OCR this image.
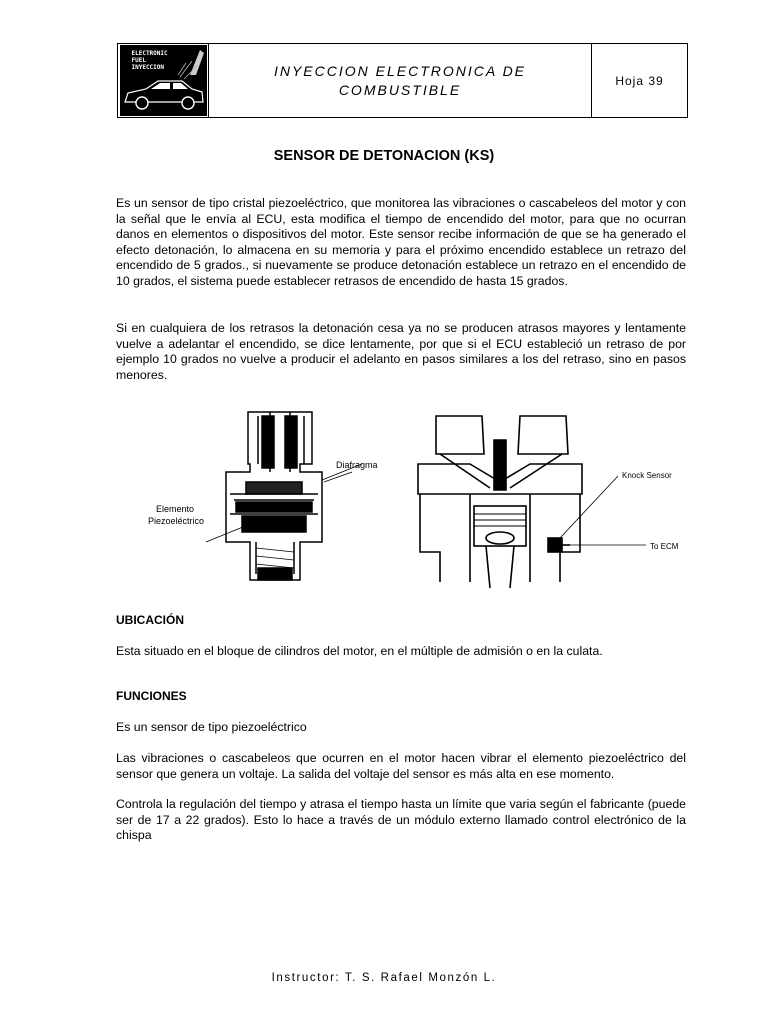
ELECTRONIC
FUEL
INYECCION	INYECCION ELECTRONICA DE
COMBUSTIBLE
Hoja 39
SENSOR DE DETONACION (KS)

Es un sensor de tipo cristal piezoeléctrico, que monitorea las vibraciones o cascabeleos del motor y con la señal que le envía al ECU, esta modifica el tiempo de encendido del motor, para que no ocurran danos en elementos o dispositivos del motor. Este sensor recibe información de que se ha generado el efecto detonación, lo almacena en su memoria y para el próximo encendido establece un retrazo del encendido de 5 grados., si nuevamente se produce detonación establece un retrazo en el encendido de 10 grados, el sistema puede establecer retrasos de encendido de hasta 15 grados.

Si en cualquiera de los retrasos la detonación cesa ya no se producen atrasos mayores y lentamente vuelve a adelantar el encendido, se dice lentamente, por que si el ECU estableció un retraso de por ejemplo 10 grados no vuelve a producir el adelanto en pasos similares a los del retraso, sino en pasos menores.

Diafragma
Elemento
Piezoeléctrico
Knock Sensor
To ECM

UBICACIÓN

Esta situado en el bloque de cilindros del motor, en el múltiple de admisión o en la culata.

FUNCIONES

Es un sensor de tipo piezoeléctrico

Las vibraciones o cascabeleos que ocurren en el motor hacen vibrar el elemento piezoeléctrico del sensor que genera un voltaje. La salida del voltaje del sensor es más alta en ese momento.

Controla la regulación del tiempo y atrasa el tiempo hasta un límite que varia según el fabricante (puede ser de 17 a 22 grados). Esto lo hace a través de un módulo externo llamado control electrónico de la chispa

Instructor: T. S. Rafael Monzón L.
